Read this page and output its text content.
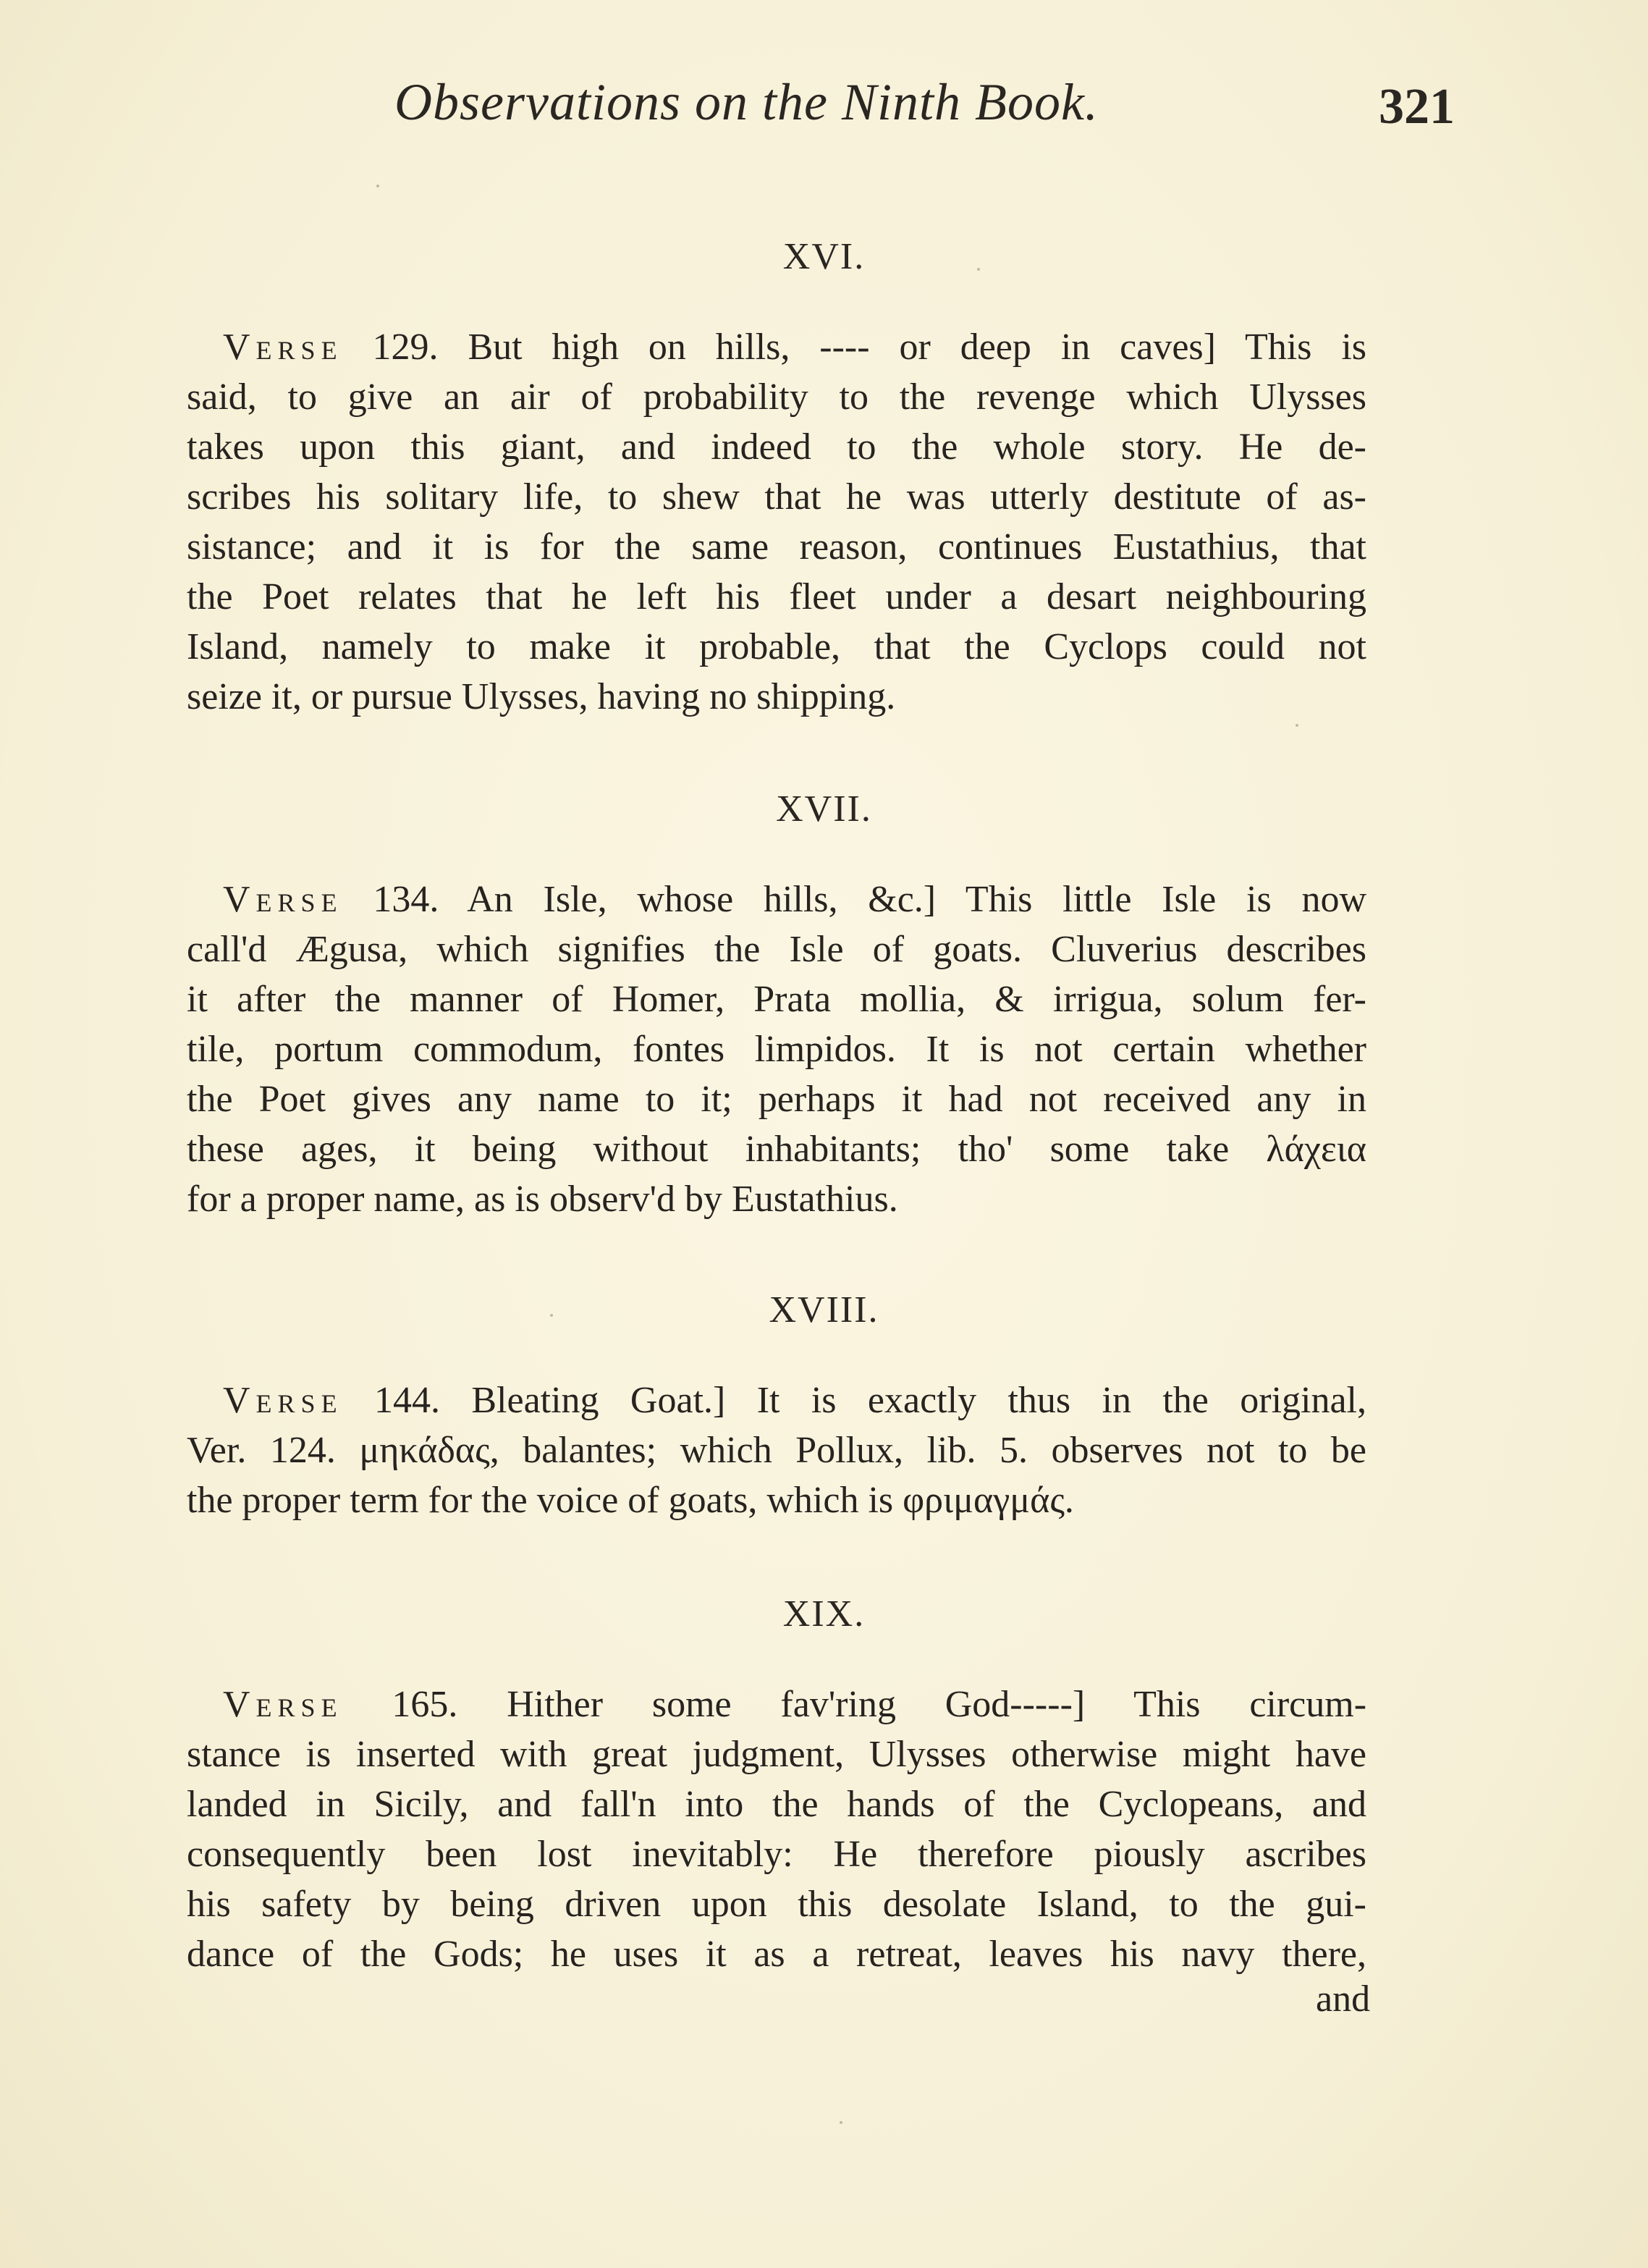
Observations on the Ninth Book.	321
XVI.
Verse 129. But high on hills, ---- or deep in caves] This is
said, to give an air of probability to the revenge which Ulysses
takes upon this giant, and indeed to the whole story. He de-
scribes his solitary life, to shew that he was utterly destitute of as-
sistance; and it is for the same reason, continues Eustathius, that
the Poet relates that he left his fleet under a desart neighbouring
Island, namely to make it probable, that the Cyclops could not
seize it, or pursue Ulysses, having no shipping.
XVII.
Verse 134. An Isle, whose hills, &c.] This little Isle is now
call'd Ægusa, which signifies the Isle of goats. Cluverius describes
it after the manner of Homer, Prata mollia, & irrigua, solum fer-
tile, portum commodum, fontes limpidos. It is not certain whether
the Poet gives any name to it; perhaps it had not received any in
these ages, it being without inhabitants; tho' some take λάχεια
for a proper name, as is observ'd by Eustathius.
XVIII.
Verse 144. Bleating Goat.] It is exactly thus in the original,
Ver. 124. μηκάδας, balantes; which Pollux, lib. 5. observes not to be
the proper term for the voice of goats, which is φριμαγμάς.
XIX.
Verse 165. Hither some fav'ring God-----] This circum-
stance is inserted with great judgment, Ulysses otherwise might have
landed in Sicily, and fall'n into the hands of the Cyclopeans, and
consequently been lost inevitably: He therefore piously ascribes
his safety by being driven upon this desolate Island, to the gui-
dance of the Gods; he uses it as a retreat, leaves his navy there,
and
